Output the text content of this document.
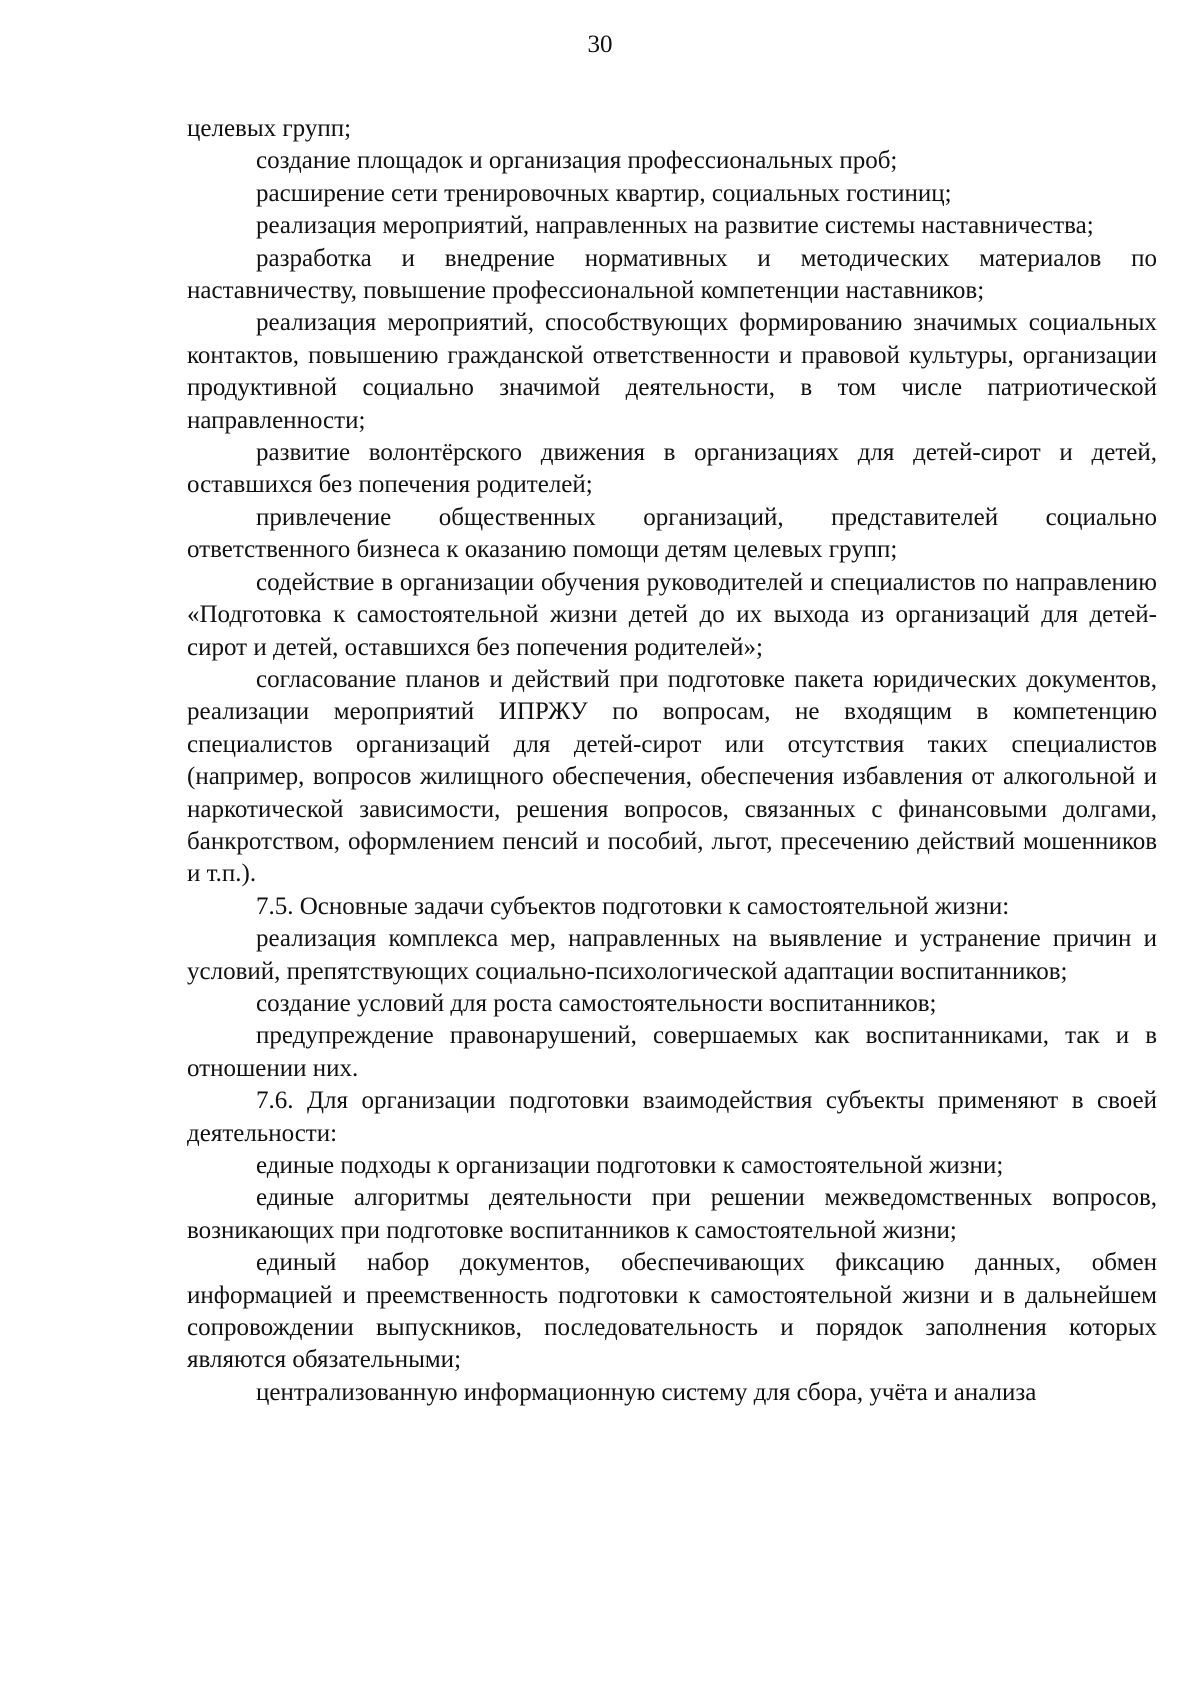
30

целевых групп;

создание площадок и организация профессиональных проб;

расширение сети тренировочных квартир, социальных гостиниц;

реализация мероприятий, направленных на развитие системы наставничества;

разработка и внедрение нормативных и методических материалов по наставничеству, повышение профессиональной компетенции наставников;

реализация мероприятий, способствующих формированию значимых социальных контактов, повышению гражданской ответственности и правовой культуры, организации продуктивной социально значимой деятельности, в том числе патриотической направленности;

развитие волонтёрского движения в организациях для детей-сирот и детей, оставшихся без попечения родителей;

привлечение общественных организаций, представителей социально ответственного бизнеса к оказанию помощи детям целевых групп;

содействие в организации обучения руководителей и специалистов по направлению «Подготовка к самостоятельной жизни детей до их выхода из организаций для детей-сирот и детей, оставшихся без попечения родителей»;

согласование планов и действий при подготовке пакета юридических документов, реализации мероприятий ИПРЖУ по вопросам, не входящим в компетенцию специалистов организаций для детей-сирот или отсутствия таких специалистов (например, вопросов жилищного обеспечения, обеспечения избавления от алкогольной и наркотической зависимости, решения вопросов, связанных с финансовыми долгами, банкротством, оформлением пенсий и пособий, льгот, пресечению действий мошенников и т.п.).

7.5. Основные задачи субъектов подготовки к самостоятельной жизни:

реализация комплекса мер, направленных на выявление и устранение причин и условий, препятствующих социально-психологической адаптации воспитанников;

создание условий для роста самостоятельности воспитанников;

предупреждение правонарушений, совершаемых как воспитанниками, так и в отношении них.

7.6. Для организации подготовки взаимодействия субъекты применяют в своей деятельности:

единые подходы к организации подготовки к самостоятельной жизни;

единые алгоритмы деятельности при решении межведомственных вопросов, возникающих при подготовке воспитанников к самостоятельной жизни;

единый набор документов, обеспечивающих фиксацию данных, обмен информацией и преемственность подготовки к самостоятельной жизни и в дальнейшем сопровождении выпускников, последовательность и порядок заполнения которых являются обязательными;

централизованную информационную систему для сбора, учёта и анализа
